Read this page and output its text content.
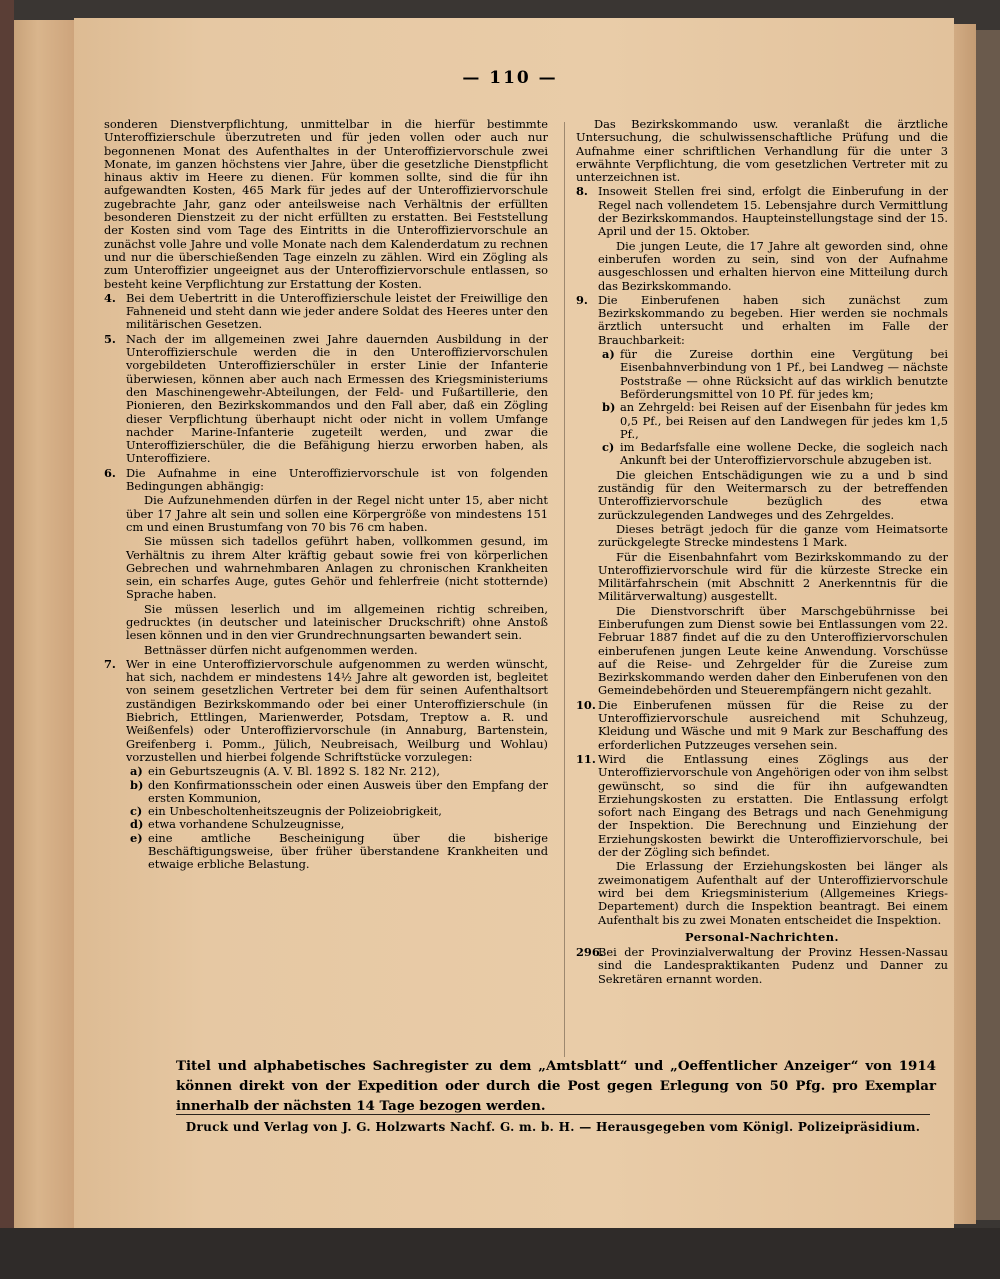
— 110 —

sonderen Dienstverpflichtung, unmittelbar in die hierfür bestimmte Unteroffizierschule überzutreten und für jeden vollen oder auch nur begonnenen Monat des Aufenthaltes in der Unteroffiziervorschule zwei Monate, im ganzen höchstens vier Jahre, über die gesetzliche Dienstpflicht hinaus aktiv im Heere zu dienen. Für kommen sollte, sind die für ihn aufgewandten Kosten, 465 Mark für jedes auf der Unteroffiziervorschule zugebrachte Jahr, ganz oder anteilsweise nach Verhältnis der erfüllten besonderen Dienstzeit zu der nicht erfüllten zu erstatten. Bei Feststellung der Kosten sind vom Tage des Eintritts in die Unteroffiziervorschule an zunächst volle Jahre und volle Monate nach dem Kalenderdatum zu rechnen und nur die überschießenden Tage einzeln zu zählen. Wird ein Zögling als zum Unteroffizier ungeeignet aus der Unteroffiziervorschule entlassen, so besteht keine Verpflichtung zur Erstattung der Kosten.

4. Bei dem Uebertritt in die Unteroffizierschule leistet der Freiwillige den Fahneneid und steht dann wie jeder andere Soldat des Heeres unter den militärischen Gesetzen.
5. Nach der im allgemeinen zwei Jahre dauernden Ausbildung in der Unteroffizierschule werden die in den Unteroffiziervorschulen vorgebildeten Unteroffizierschüler in erster Linie der Infanterie überwiesen, können aber auch nach Ermessen des Kriegsministeriums den Maschinengewehr-Abteilungen, der Feld- und Fußartillerie, den Pionieren, den Bezirkskommandos und den Fall aber, daß ein Zögling dieser Verpflichtung überhaupt nicht oder nicht in vollem Umfange nachder Marine-Infanterie zugeteilt werden, und zwar die Unteroffizierschüler, die die Befähigung hierzu erworben haben, als Unteroffiziere.
6. Die Aufnahme in eine Unteroffiziervorschule ist von folgenden Bedingungen abhängig:

Die Aufzunehmenden dürfen in der Regel nicht unter 15, aber nicht über 17 Jahre alt sein und sollen eine Körpergröße von mindestens 151 cm und einen Brustumfang von 70 bis 76 cm haben.

Sie müssen sich tadellos geführt haben, vollkommen gesund, im Verhältnis zu ihrem Alter kräftig gebaut sowie frei von körperlichen Gebrechen und wahrnehmbaren Anlagen zu chronischen Krankheiten sein, ein scharfes Auge, gutes Gehör und fehlerfreie (nicht stotternde) Sprache haben.

Sie müssen leserlich und im allgemeinen richtig schreiben, gedrucktes (in deutscher und lateinischer Druckschrift) ohne Anstoß lesen können und in den vier Grundrechnungsarten bewandert sein.

Bettnässer dürfen nicht aufgenommen werden.

7. Wer in eine Unteroffiziervorschule aufgenommen zu werden wünscht, hat sich, nachdem er mindestens 14½ Jahre alt geworden ist, begleitet von seinem gesetzlichen Vertreter bei dem für seinen Aufenthaltsort zuständigen Bezirkskommando oder bei einer Unteroffizierschule (in Biebrich, Ettlingen, Marienwerder, Potsdam, Treptow a. R. und Weißenfels) oder Unteroffiziervorschule (in Annaburg, Bartenstein, Greifenberg i. Pomm., Jülich, Neubreisach, Weilburg und Wohlau) vorzustellen und hierbei folgende Schriftstücke vorzulegen:
a) ein Geburtszeugnis (A. V. Bl. 1892 S. 182 Nr. 212),
b) den Konfirmationsschein oder einen Ausweis über den Empfang der ersten Kommunion,
c) ein Unbescholtenheitszeugnis der Polizeiobrigkeit,
d) etwa vorhandene Schulzeugnisse,
e) eine amtliche Bescheinigung über die bisherige Beschäftigungsweise, über früher überstandene Krankheiten und etwaige erbliche Belastung.

Das Bezirkskommando usw. veranlaßt die ärztliche Untersuchung, die schulwissenschaftliche Prüfung und die Aufnahme einer schriftlichen Verhandlung für die unter 3 erwähnte Verpflichtung, die vom gesetzlichen Vertreter mit zu unterzeichnen ist.

8. Insoweit Stellen frei sind, erfolgt die Einberufung in der Regel nach vollendetem 15. Lebensjahre durch Vermittlung der Bezirkskommandos. Haupteinstellungstage sind der 15. April und der 15. Oktober.

Die jungen Leute, die 17 Jahre alt geworden sind, ohne einberufen worden zu sein, sind von der Aufnahme ausgeschlossen und erhalten hiervon eine Mitteilung durch das Bezirkskommando.

9. Die Einberufenen haben sich zunächst zum Bezirkskommando zu begeben. Hier werden sie nochmals ärztlich untersucht und erhalten im Falle der Brauchbarkeit:
a) für die Zureise dorthin eine Vergütung bei Eisenbahnverbindung von 1 Pf., bei Landweg — nächste Poststraße — ohne Rücksicht auf das wirklich benutzte Beförderungsmittel von 10 Pf. für jedes km;
b) an Zehrgeld: bei Reisen auf der Eisenbahn für jedes km 0,5 Pf., bei Reisen auf den Landwegen für jedes km 1,5 Pf.,
c) im Bedarfsfalle eine wollene Decke, die sogleich nach Ankunft bei der Unteroffiziervorschule abzugeben ist.

Die gleichen Entschädigungen wie zu a und b sind zuständig für den Weitermarsch zu der betreffenden Unteroffiziervorschule bezüglich des etwa zurückzulegenden Landweges und des Zehrgeldes.

Dieses beträgt jedoch für die ganze vom Heimatsorte zurückgelegte Strecke mindestens 1 Mark.

Für die Eisenbahnfahrt vom Bezirkskommando zu der Unteroffiziervorschule wird für die kürzeste Strecke ein Militärfahrschein (mit Abschnitt 2 Anerkenntnis für die Militärverwaltung) ausgestellt.

Die Dienstvorschrift über Marschgebührnisse bei Einberufungen zum Dienst sowie bei Entlassungen vom 22. Februar 1887 findet auf die zu den Unteroffiziervorschulen einberufenen jungen Leute keine Anwendung. Vorschüsse auf die Reise- und Zehrgelder für die Zureise zum Bezirkskommando werden daher den Einberufenen von den Gemeindebehörden und Steuerempfängern nicht gezahlt.

10. Die Einberufenen müssen für die Reise zu der Unteroffiziervorschule ausreichend mit Schuhzeug, Kleidung und Wäsche und mit 9 Mark zur Beschaffung des erforderlichen Putzzeuges versehen sein.
11. Wird die Entlassung eines Zöglings aus der Unteroffiziervorschule von Angehörigen oder von ihm selbst gewünscht, so sind die für ihn aufgewandten Erziehungskosten zu erstatten. Die Entlassung erfolgt sofort nach Eingang des Betrags und nach Genehmigung der Inspektion. Die Berechnung und Einziehung der Erziehungskosten bewirkt die Unteroffiziervorschule, bei der der Zögling sich befindet.

Die Erlassung der Erziehungskosten bei länger als zweimonatigem Aufenthalt auf der Unteroffiziervorschule wird bei dem Kriegsministerium (Allgemeines Kriegs-Departement) durch die Inspektion beantragt. Bei einem Aufenthalt bis zu zwei Monaten entscheidet die Inspektion.

Personal-Nachrichten.
296.
Bei der Provinzialverwaltung der Provinz Hessen-Nassau sind die Landespraktikanten Pudenz und Danner zu Sekretären ernannt worden.
Titel und alphabetisches Sachregister zu dem „Amtsblatt“ und „Oeffentlicher Anzeiger“ von 1914 können direkt von der Expedition oder durch die Post gegen Erlegung von 50 Pfg. pro Exemplar innerhalb der nächsten 14 Tage bezogen werden.
Druck und Verlag von J. G. Holzwarts Nachf. G. m. b. H. — Herausgegeben vom Königl. Polizeipräsidium.
